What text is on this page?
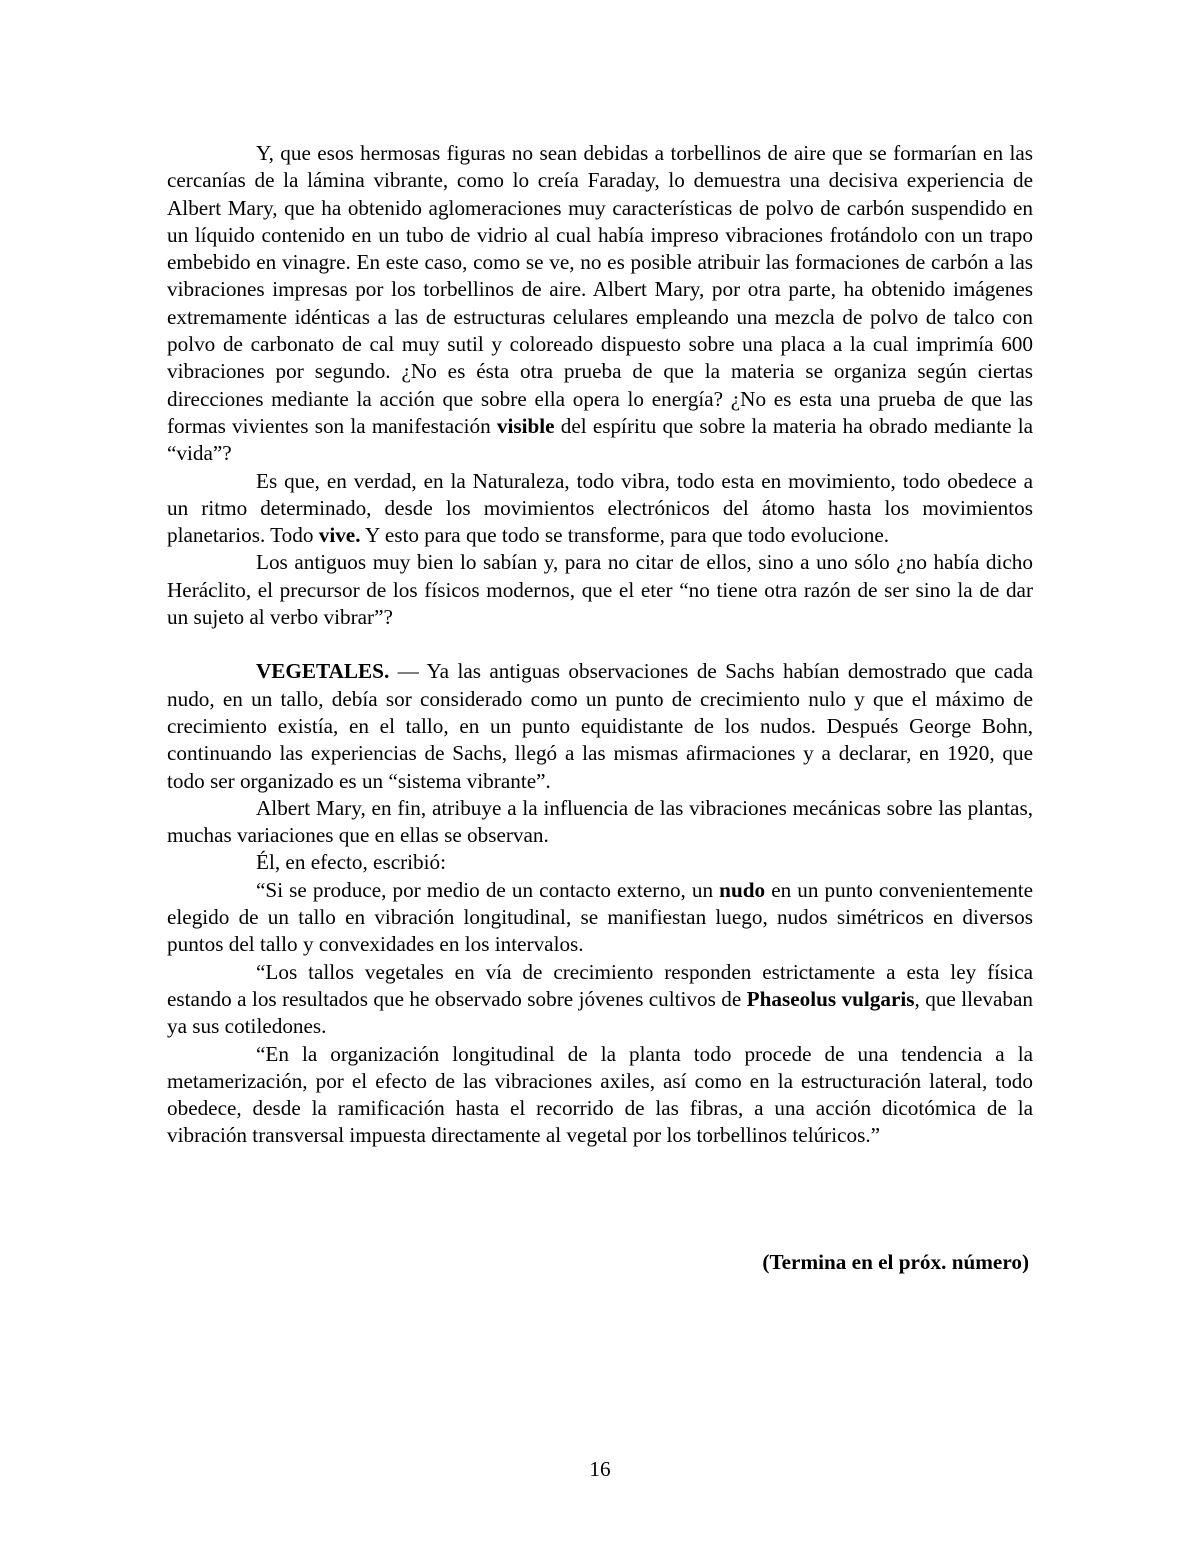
Y, que esos hermosas figuras no sean debidas a torbellinos de aire que se formarían en las cercanías de la lámina vibrante, como lo creía Faraday, lo demuestra una decisiva experiencia de Albert Mary, que ha obtenido aglomeraciones muy características de polvo de carbón suspendido en un líquido contenido en un tubo de vidrio al cual había impreso vibraciones frotándolo con un trapo embebido en vinagre. En este caso, como se ve, no es posible atribuir las formaciones de carbón a las vibraciones impresas por los torbellinos de aire. Albert Mary, por otra parte, ha obtenido imágenes extremamente idénticas a las de estructuras celulares empleando una mezcla de polvo de talco con polvo de carbonato de cal muy sutil y coloreado dispuesto sobre una placa a la cual imprimía 600 vibraciones por segundo. ¿No es ésta otra prueba de que la materia se organiza según ciertas direcciones mediante la acción que sobre ella opera lo energía? ¿No es esta una prueba de que las formas vivientes son la manifestación visible del espíritu que sobre la materia ha obrado mediante la “vida”?

Es que, en verdad, en la Naturaleza, todo vibra, todo esta en movimiento, todo obedece a un ritmo determinado, desde los movimientos electrónicos del átomo hasta los movimientos planetarios. Todo vive. Y esto para que todo se transforme, para que todo evolucione.

Los antiguos muy bien lo sabían y, para no citar de ellos, sino a uno sólo ¿no había dicho Heráclito, el precursor de los físicos modernos, que el eter “no tiene otra razón de ser sino la de dar un sujeto al verbo vibrar”?

VEGETALES. — Ya las antiguas observaciones de Sachs habían demostrado que cada nudo, en un tallo, debía sor considerado como un punto de crecimiento nulo y que el máximo de crecimiento existía, en el tallo, en un punto equidistante de los nudos. Después George Bohn, continuando las experiencias de Sachs, llegó a las mismas afirmaciones y a declarar, en 1920, que todo ser organizado es un “sistema vibrante”.

Albert Mary, en fin, atribuye a la influencia de las vibraciones mecánicas sobre las plantas, muchas variaciones que en ellas se observan.

Él, en efecto, escribió:

“Si se produce, por medio de un contacto externo, un nudo en un punto convenientemente elegido de un tallo en vibración longitudinal, se manifiestan luego, nudos simétricos en diversos puntos del tallo y convexidades en los intervalos.

“Los tallos vegetales en vía de crecimiento responden estrictamente a esta ley física estando a los resultados que he observado sobre jóvenes cultivos de Phaseolus vulgaris, que llevaban ya sus cotiledones.

“En la organización longitudinal de la planta todo procede de una tendencia a la metamerización, por el efecto de las vibraciones axiles, así como en la estructuración lateral, todo obedece, desde la ramificación hasta el recorrido de las fibras, a una acción dicotómica de la vibración transversal impuesta directamente al vegetal por los torbellinos telúricos.”

(Termina en el próx. número)

16
